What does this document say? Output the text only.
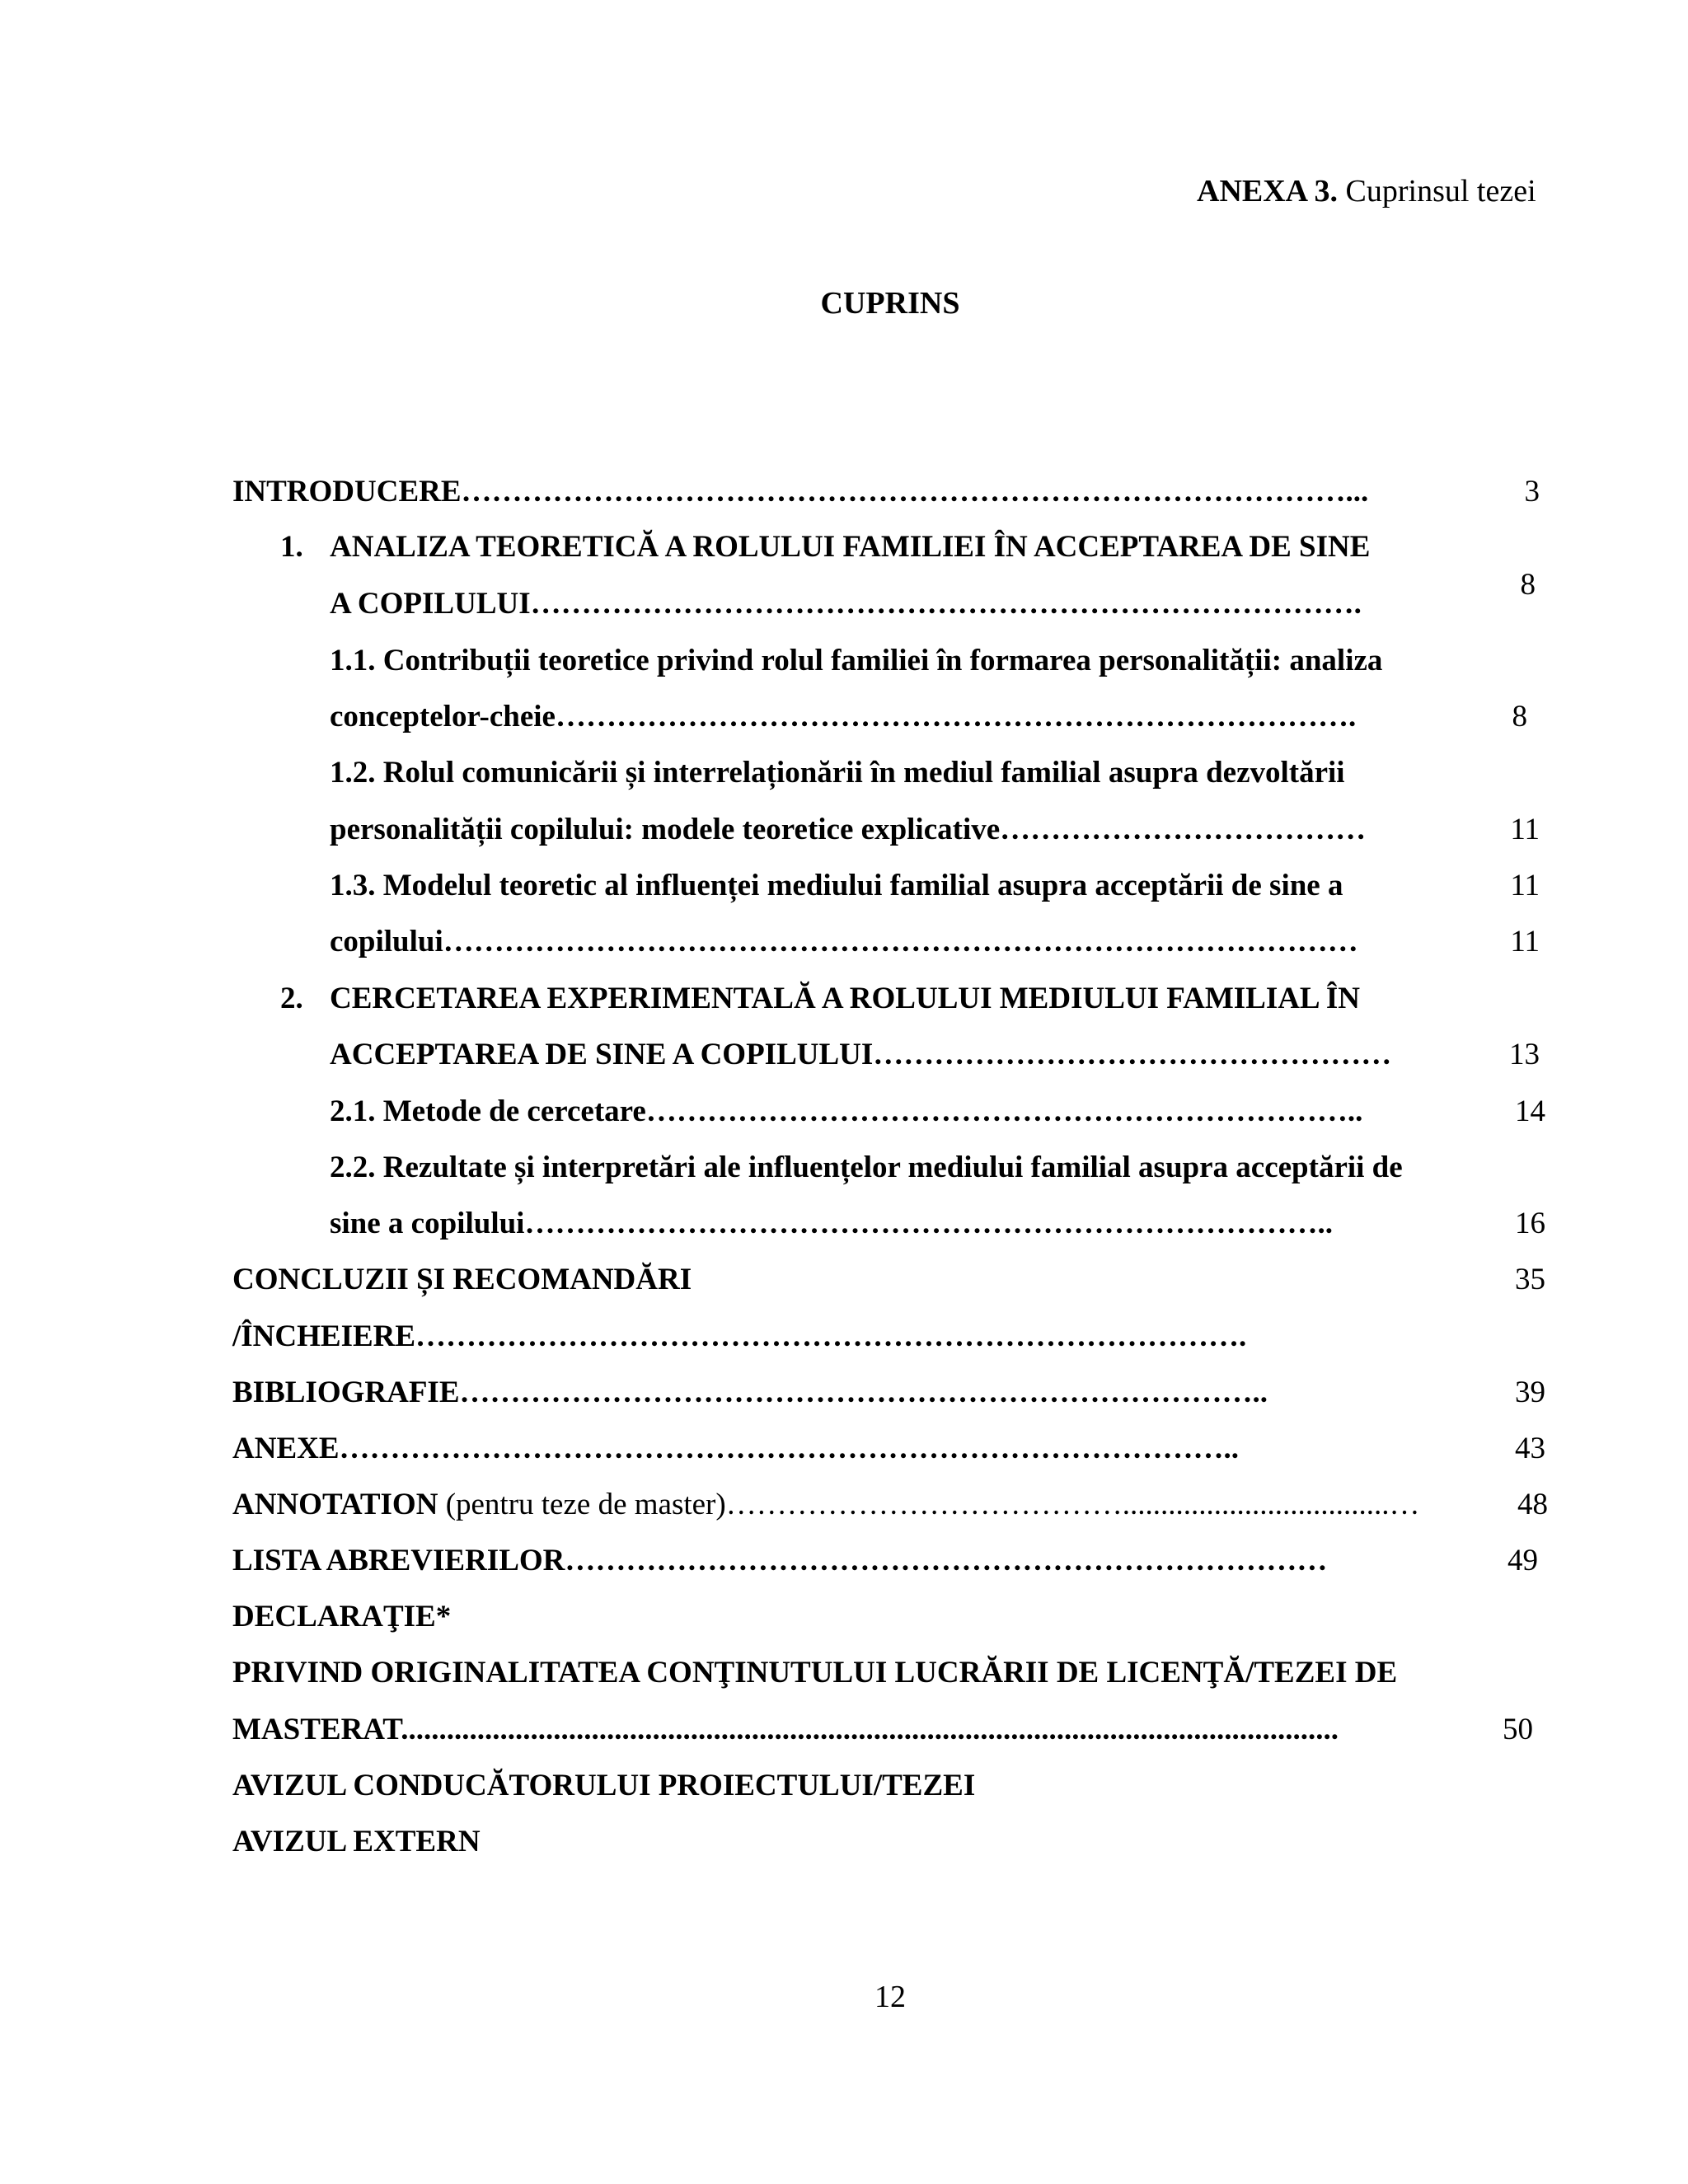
ANEXA 3. Cuprinsul tezei
CUPRINS
INTRODUCERE……………………………………………………………………………...	3
1. ANALIZA TEORETICĂ A ROLULUI FAMILIEI ÎN ACCEPTAREA DE SINE
A COPILULUI……………………………………………………………………….
8
1.1. Contribuții teoretice privind rolul familiei în formarea personalității: analiza
conceptelor-cheie…………………………………………………………………….	8
1.2. Rolul comunicării și interrelaționării în mediul familial asupra dezvoltării
personalității copilului: modele teoretice explicative………………………………	11
1.3. Modelul teoretic al influenței mediului familial asupra acceptării de sine a	11
copilului………………………………………………………………………………	11
2. CERCETAREA EXPERIMENTALĂ A ROLULUI MEDIULUI FAMILIAL ÎN
ACCEPTAREA DE SINE A COPILULUI……………………………………………	13
2.1. Metode de cercetare……………………………………………………………..	14
2.2. Rezultate și interpretări ale influențelor mediului familial asupra acceptării de
sine a copilului……………………………………………………………………..	16
CONCLUZII ȘI RECOMANDĂRI	35
/ÎNCHEIERE……………………………………………………………………….
BIBLIOGRAFIE……………………………………………………………………..	39
ANEXE……………………………………………………………………………..	43
ANNOTATION (pentru teze de master)…………………………………...................................…	48
LISTA ABREVIERILOR…………………………………………………………………	49
DECLARAŢIE*
PRIVIND ORIGINALITATEA CONŢINUTULUI LUCRĂRII DE LICENŢĂ/TEZEI DE
MASTERAT...........................................................................................................................	50
AVIZUL CONDUCĂTORULUI PROIECTULUI/TEZEI
AVIZUL EXTERN
12
